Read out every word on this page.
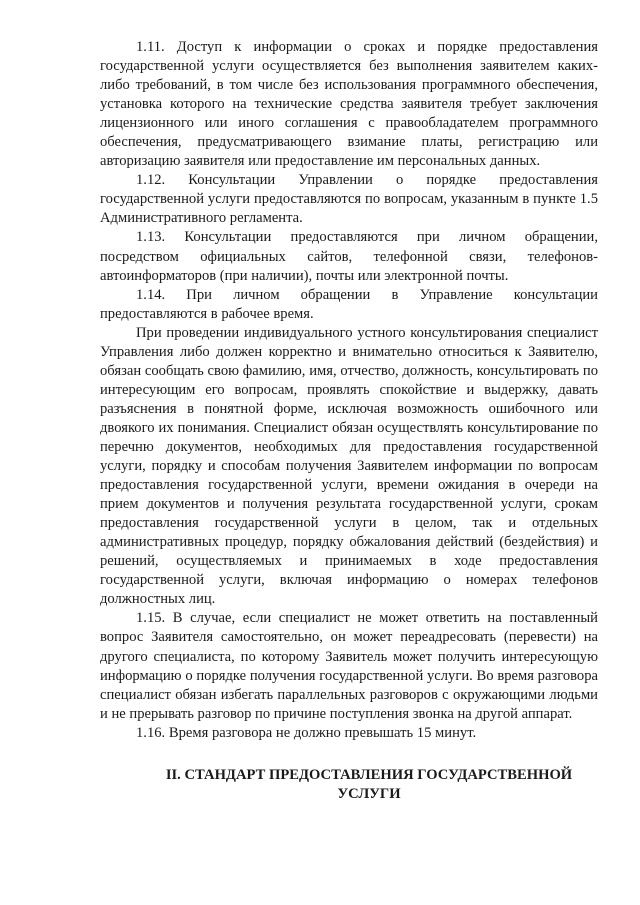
1.11. Доступ к информации о сроках и порядке предоставления государственной услуги осуществляется без выполнения заявителем каких-либо требований, в том числе без использования программного обеспечения, установка которого на технические средства заявителя требует заключения лицензионного или иного соглашения с правообладателем программного обеспечения, предусматривающего взимание платы, регистрацию или авторизацию заявителя или предоставление им персональных данных.

1.12. Консультации Управлении о порядке предоставления государственной услуги предоставляются по вопросам, указанным в пункте 1.5 Административного регламента.

1.13. Консультации предоставляются при личном обращении, посредством официальных сайтов, телефонной связи, телефонов-автоинформаторов (при наличии), почты или электронной почты.

1.14. При личном обращении в Управление консультации предоставляются в рабочее время.

При проведении индивидуального устного консультирования специалист Управления либо должен корректно и внимательно относиться к Заявителю, обязан сообщать свою фамилию, имя, отчество, должность, консультировать по интересующим его вопросам, проявлять спокойствие и выдержку, давать разъяснения в понятной форме, исключая возможность ошибочного или двоякого их понимания. Специалист обязан осуществлять консультирование по перечню документов, необходимых для предоставления государственной услуги, порядку и способам получения Заявителем информации по вопросам предоставления государственной услуги, времени ожидания в очереди на прием документов и получения результата государственной услуги, срокам предоставления государственной услуги в целом, так и отдельных административных процедур, порядку обжалования действий (бездействия) и решений, осуществляемых и принимаемых в ходе предоставления государственной услуги, включая информацию о номерах телефонов должностных лиц.

1.15. В случае, если специалист не может ответить на поставленный вопрос Заявителя самостоятельно, он может переадресовать (перевести) на другого специалиста, по которому Заявитель может получить интересующую информацию о порядке получения государственной услуги. Во время разговора специалист обязан избегать параллельных разговоров с окружающими людьми и не прерывать разговор по причине поступления звонка на другой аппарат.

1.16. Время разговора не должно превышать 15 минут.

II. СТАНДАРТ ПРЕДОСТАВЛЕНИЯ ГОСУДАРСТВЕННОЙ УСЛУГИ
